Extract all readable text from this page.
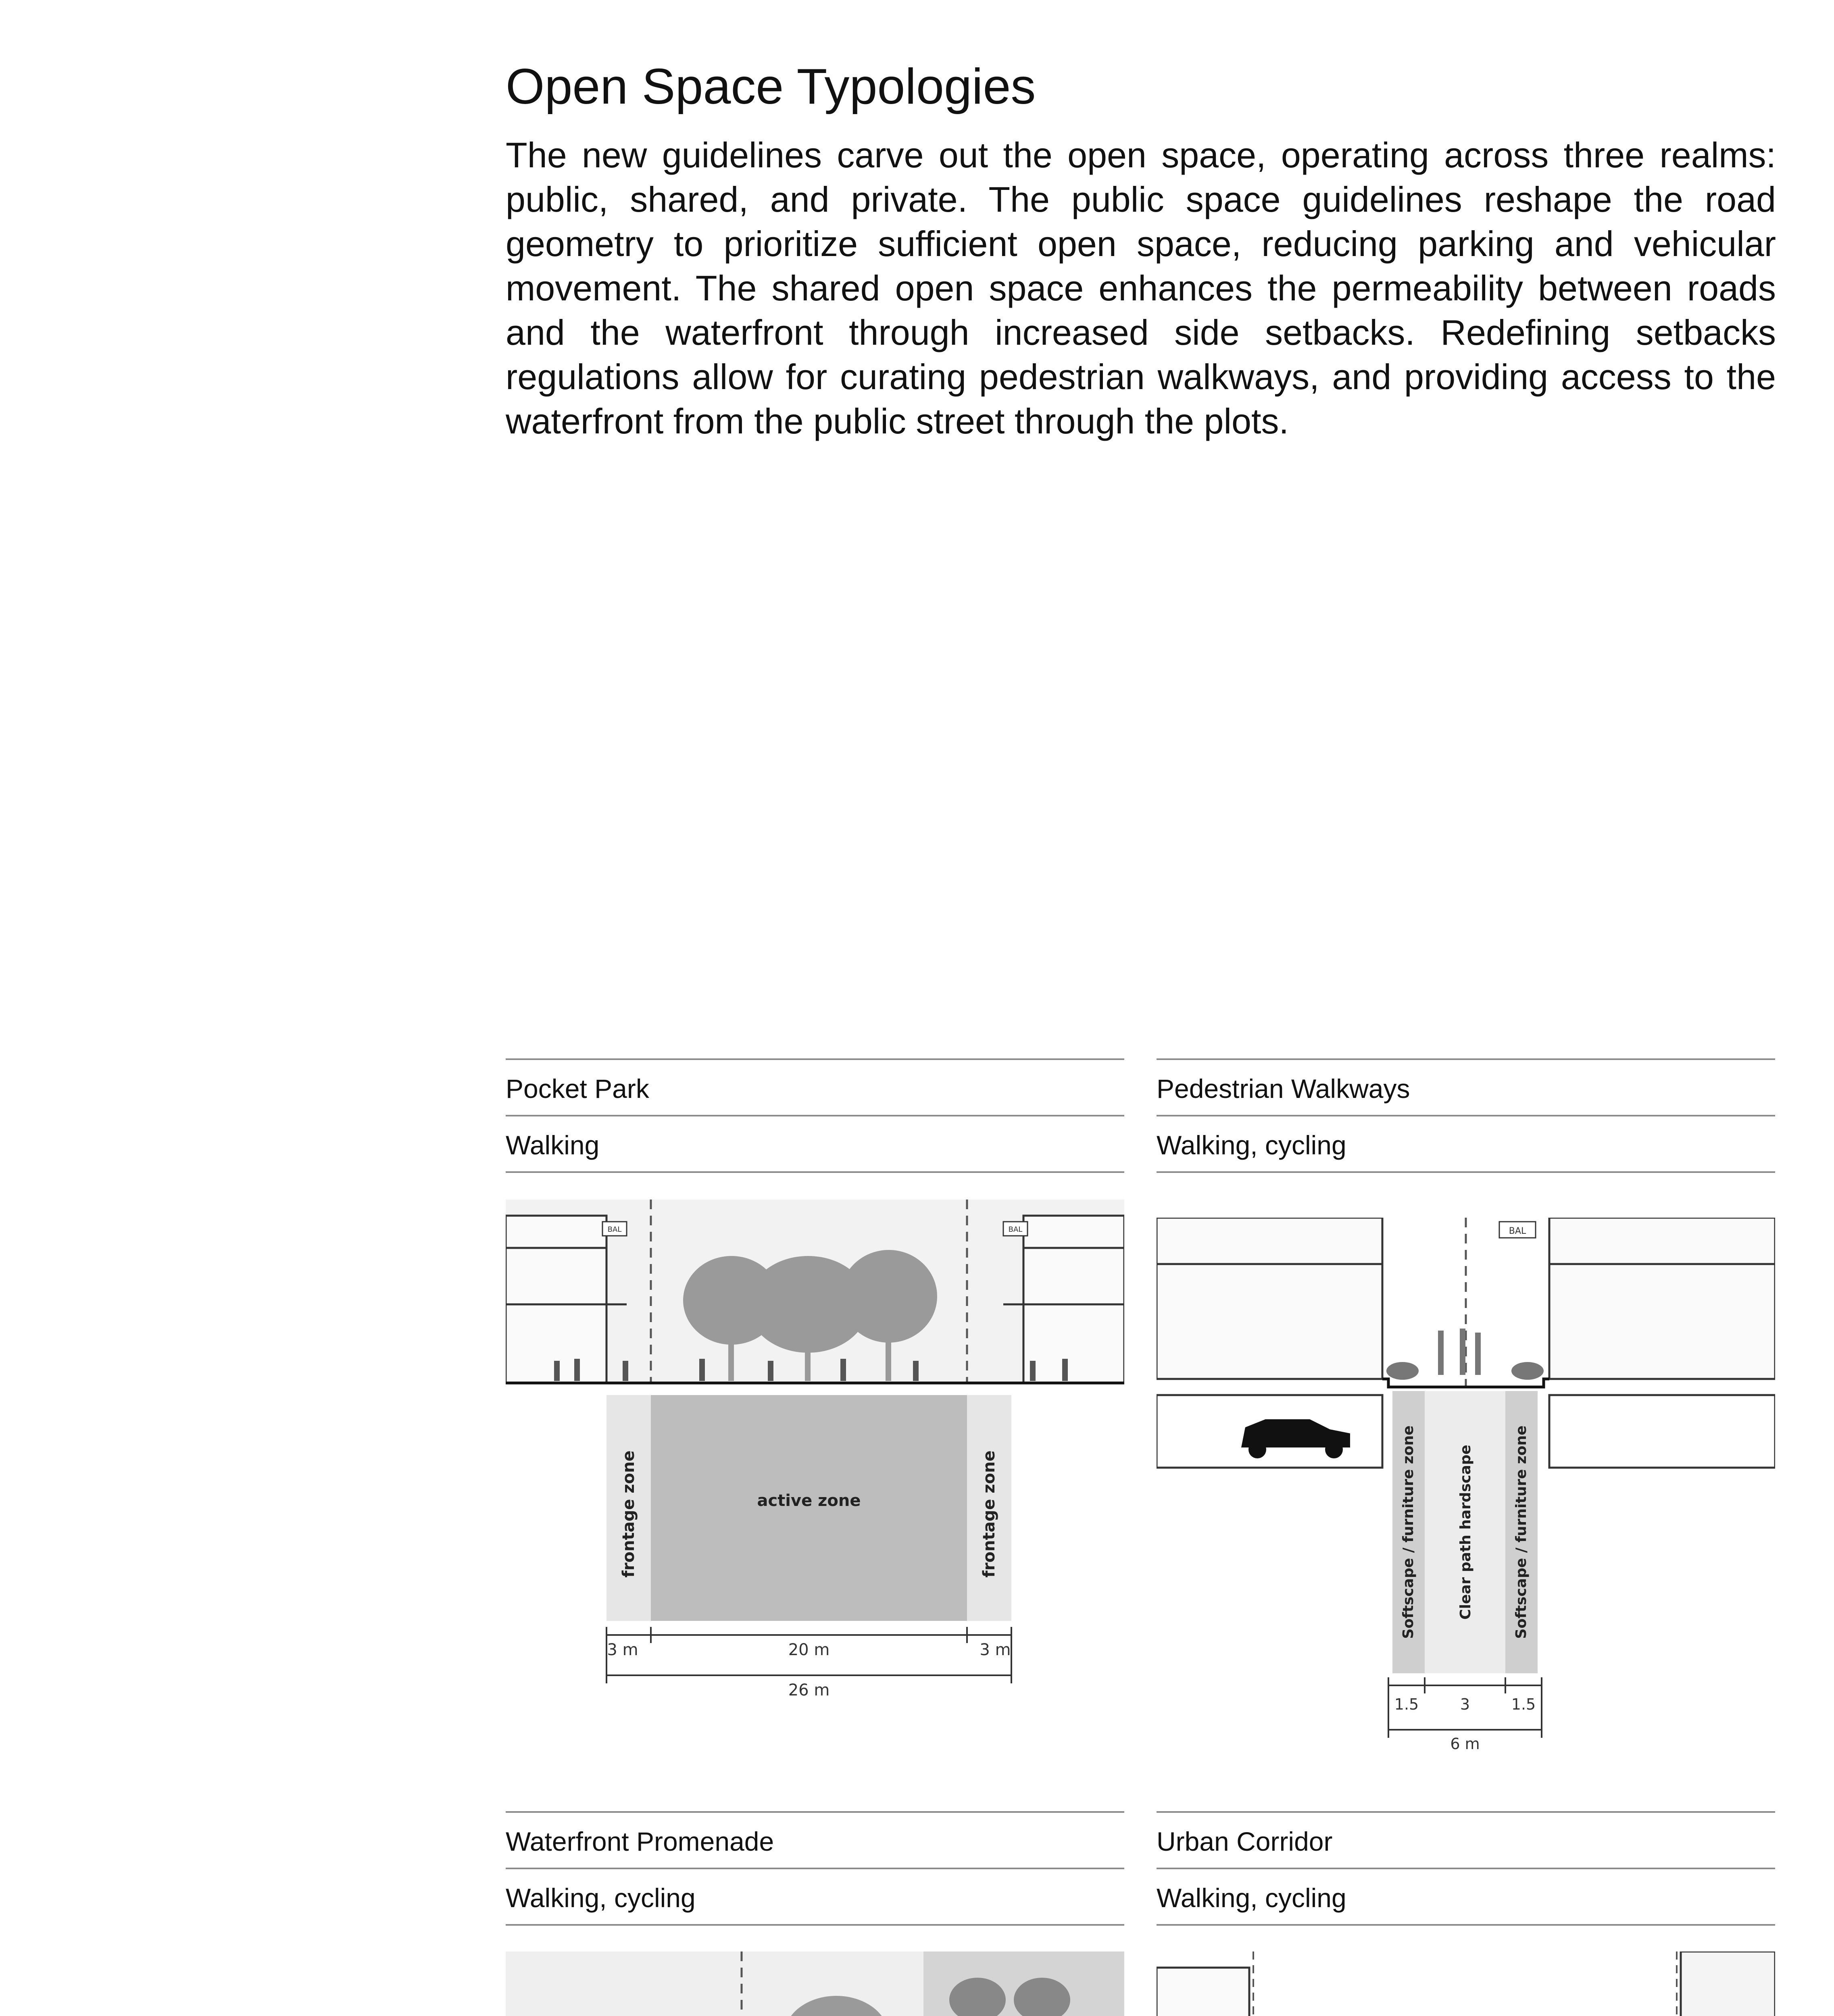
Open Space Typologies
The new guidelines carve out the open space, operating across three realms: public, shared, and private. The public space guidelines reshape the road geometry to prioritize sufficient open space, reducing parking and vehicular movement. The shared open space enhances the permeability between roads and the waterfront through increased side setbacks. Redefining setbacks regulations allow for curating pedestrian walkways, and providing access to the waterfront from the public street through the plots.
Pocket Park
Walking
BAL	BAL
frontage zone	active zone	frontage zone
3 m	20 m	3 m
26 m
Pedestrian Walkways
Walking, cycling
BAL
Softscape / furniture zone	Clear path hardscape	Softscape / furniture zone
1.5	3	1.5
6 m
Waterfront Promenade
Walking, cycling
Urban Corridor
Walking, cycling
